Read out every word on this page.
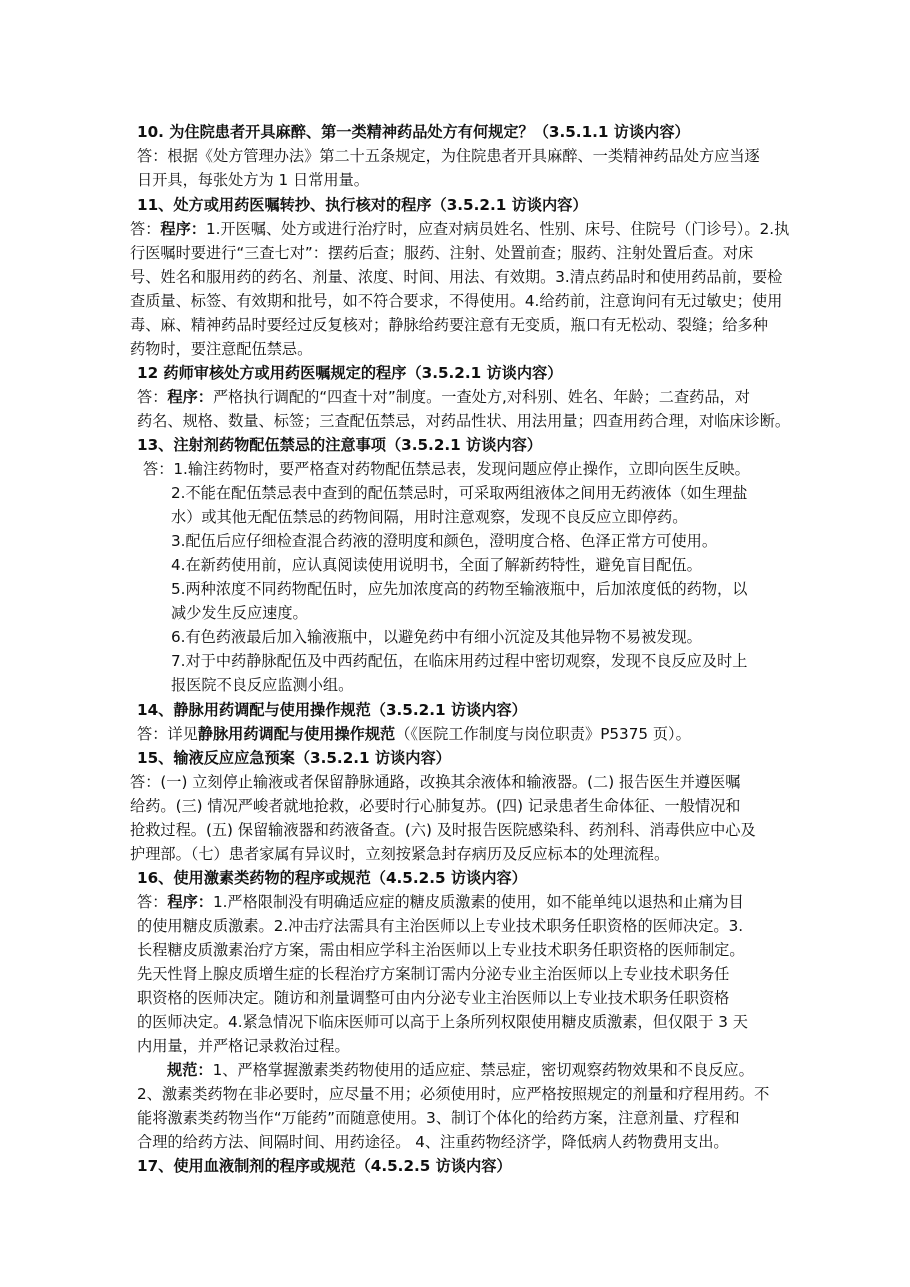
10. 为住院患者开具麻醉、第一类精神药品处方有何规定？（3.5.1.1 访谈内容）
答：根据《处方管理办法》第二十五条规定，为住院患者开具麻醉、一类精神药品处方应当逐
日开具，每张处方为 1 日常用量。
11、处方或用药医嘱转抄、执行核对的程序（3.5.2.1 访谈内容）
答：程序：1.开医嘱、处方或进行治疗时，应查对病员姓名、性别、床号、住院号（门诊号）。2.执
行医嘱时要进行“三查七对”：摆药后查；服药、注射、处置前查；服药、注射处置后查。对床
号、姓名和服用药的药名、剂量、浓度、时间、用法、有效期。3.清点药品时和使用药品前，要检
查质量、标签、有效期和批号，如不符合要求，不得使用。4.给药前，注意询问有无过敏史；使用
毒、麻、精神药品时要经过反复核对；静脉给药要注意有无变质，瓶口有无松动、裂缝；给多种
药物时，要注意配伍禁忌。
12 药师审核处方或用药医嘱规定的程序（3.5.2.1 访谈内容）
答：程序：严格执行调配的“四查十对”制度。一查处方,对科别、姓名、年龄；二查药品，对
药名、规格、数量、标签；三查配伍禁忌，对药品性状、用法用量；四查用药合理，对临床诊断。
13、注射剂药物配伍禁忌的注意事项（3.5.2.1 访谈内容）
答：1.输注药物时，要严格查对药物配伍禁忌表，发现问题应停止操作，立即向医生反映。
2.不能在配伍禁忌表中查到的配伍禁忌时，可采取两组液体之间用无药液体（如生理盐
水）或其他无配伍禁忌的药物间隔，用时注意观察，发现不良反应立即停药。
3.配伍后应仔细检查混合药液的澄明度和颜色，澄明度合格、色泽正常方可使用。
4.在新药使用前，应认真阅读使用说明书，全面了解新药特性，避免盲目配伍。
5.两种浓度不同药物配伍时，应先加浓度高的药物至输液瓶中，后加浓度低的药物，以
减少发生反应速度。
6.有色药液最后加入输液瓶中，以避免药中有细小沉淀及其他异物不易被发现。
7.对于中药静脉配伍及中西药配伍，在临床用药过程中密切观察，发现不良反应及时上
报医院不良反应监测小组。
14、静脉用药调配与使用操作规范（3.5.2.1 访谈内容）
答：详见静脉用药调配与使用操作规范（《医院工作制度与岗位职责》P5375 页）。
15、输液反应应急预案（3.5.2.1 访谈内容）
答：(一) 立刻停止输液或者保留静脉通路，改换其余液体和输液器。(二) 报告医生并遵医嘱
给药。(三) 情况严峻者就地抢救，必要时行心肺复苏。(四) 记录患者生命体征、一般情况和
抢救过程。(五) 保留输液器和药液备查。(六) 及时报告医院感染科、药剂科、消毒供应中心及
护理部。（七）患者家属有异议时，立刻按紧急封存病历及反应标本的处理流程。
16、使用激素类药物的程序或规范（4.5.2.5 访谈内容）
答：程序：1.严格限制没有明确适应症的糖皮质激素的使用，如不能单纯以退热和止痛为目
的使用糖皮质激素。2.冲击疗法需具有主治医师以上专业技术职务任职资格的医师决定。3.
长程糖皮质激素治疗方案，需由相应学科主治医师以上专业技术职务任职资格的医师制定。
先天性肾上腺皮质增生症的长程治疗方案制订需内分泌专业主治医师以上专业技术职务任
职资格的医师决定。随访和剂量调整可由内分泌专业主治医师以上专业技术职务任职资格
的医师决定。4.紧急情况下临床医师可以高于上条所列权限使用糖皮质激素，但仅限于 3 天
内用量，并严格记录救治过程。
规范：1、严格掌握激素类药物使用的适应症、禁忌症，密切观察药物效果和不良反应。
2、激素类药物在非必要时，应尽量不用；必须使用时，应严格按照规定的剂量和疗程用药。不
能将激素类药物当作“万能药”而随意使用。3、制订个体化的给药方案，注意剂量、疗程和
合理的给药方法、间隔时间、用药途径。 4、注重药物经济学，降低病人药物费用支出。
17、使用血液制剂的程序或规范（4.5.2.5 访谈内容）
